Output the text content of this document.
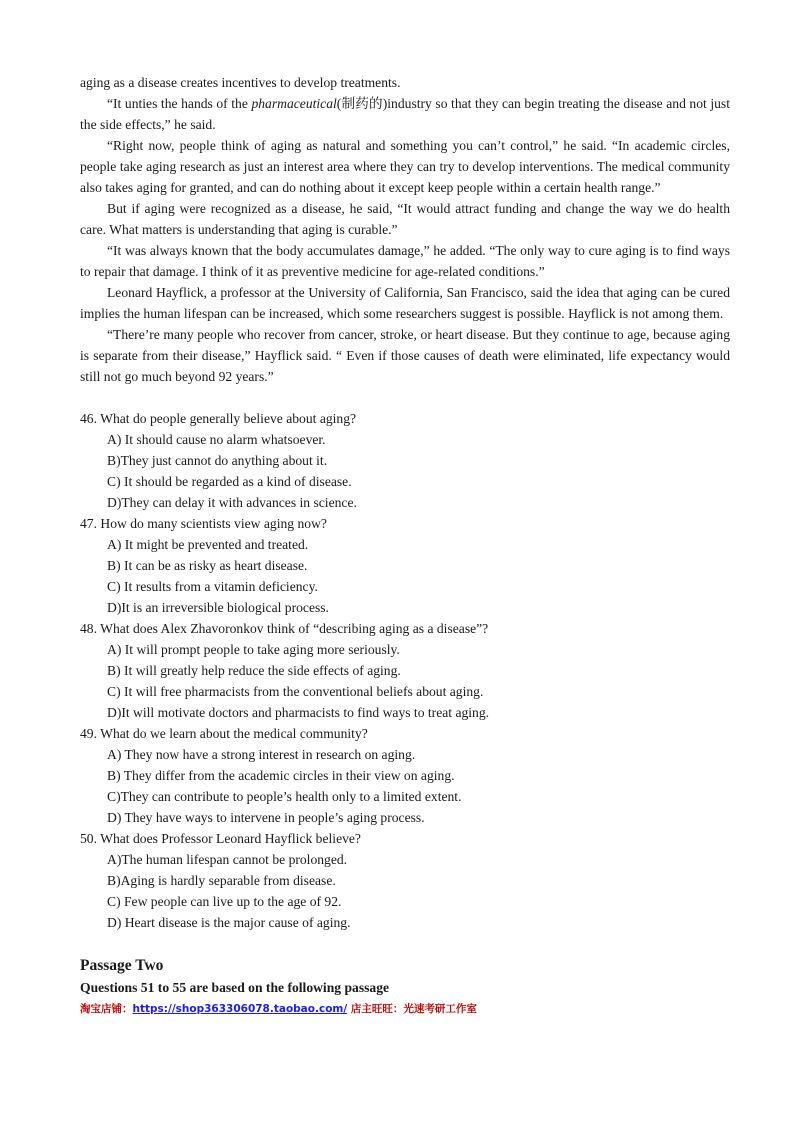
aging as a disease creates incentives to develop treatments.

“It unties the hands of the pharmaceutical(制药的)industry so that they can begin treating the disease and not just the side effects,” he said.

“Right now, people think of aging as natural and something you can’t control,” he said. “In academic circles, people take aging research as just an interest area where they can try to develop interventions. The medical community also takes aging for granted, and can do nothing about it except keep people within a certain health range.”

But if aging were recognized as a disease, he said, “It would attract funding and change the way we do health care. What matters is understanding that aging is curable.”

“It was always known that the body accumulates damage,” he added. “The only way to cure aging is to find ways to repair that damage. I think of it as preventive medicine for age-related conditions.”

Leonard Hayflick, a professor at the University of California, San Francisco, said the idea that aging can be cured implies the human lifespan can be increased, which some researchers suggest is possible. Hayflick is not among them.

“There’re many people who recover from cancer, stroke, or heart disease. But they continue to age, because aging is separate from their disease,” Hayflick said. “ Even if those causes of death were eliminated, life expectancy would still not go much beyond 92 years.”

46. What do people generally believe about aging?
A) It should cause no alarm whatsoever.
B)They just cannot do anything about it.
C) It should be regarded as a kind of disease.
D)They can delay it with advances in science.
47. How do many scientists view aging now?
A) It might be prevented and treated.
B) It can be as risky as heart disease.
C) It results from a vitamin deficiency.
D)It is an irreversible biological process.
48. What does Alex Zhavoronkov think of “describing aging as a disease”?
A) It will prompt people to take aging more seriously.
B) It will greatly help reduce the side effects of aging.
C) It will free pharmacists from the conventional beliefs about aging.
D)It will motivate doctors and pharmacists to find ways to treat aging.
49. What do we learn about the medical community?
A) They now have a strong interest in research on aging.
B) They differ from the academic circles in their view on aging.
C)They can contribute to people’s health only to a limited extent.
D) They have ways to intervene in people’s aging process.
50. What does Professor Leonard Hayflick believe?
A)The human lifespan cannot be prolonged.
B)Aging is hardly separable from disease.
C) Few people can live up to the age of 92.
D) Heart disease is the major cause of aging.
Passage Two
Questions 51 to 55 are based on the following passage
淘宝店铺：https://shop363306078.taobao.com/ 店主旺旺：光速考研工作室
